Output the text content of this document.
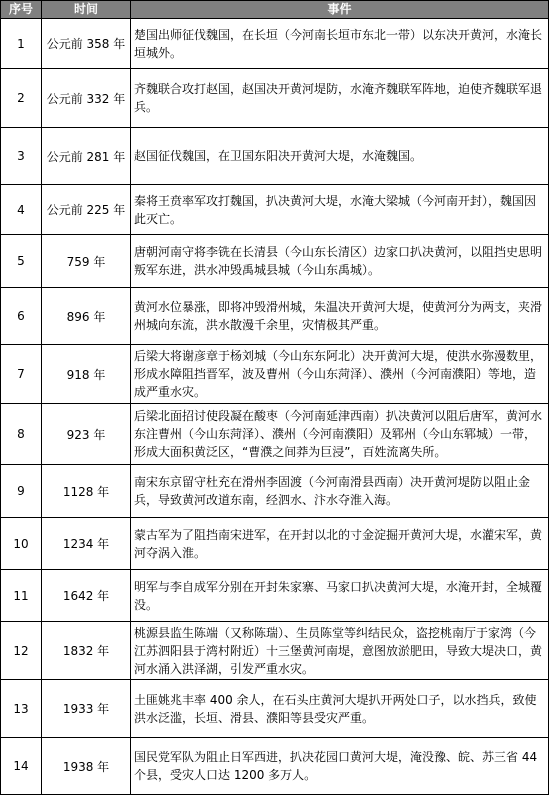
序号	时间	事件
1	公元前 358 年	楚国出师征伐魏国，在长垣（今河南长垣市东北一带）以东决开黄河，水淹长垣城外。
2	公元前 332 年	齐魏联合攻打赵国，赵国决开黄河堤防，水淹齐魏联军阵地，迫使齐魏联军退兵。
3	公元前 281 年	赵国征伐魏国，在卫国东阳决开黄河大堤，水淹魏国。
4	公元前 225 年	秦将王贲率军攻打魏国，扒决黄河大堤，水淹大梁城（今河南开封），魏国因此灭亡。
5	759 年	唐朝河南守将李铣在长清县（今山东长清区）边家口扒决黄河，以阻挡史思明叛军东进，洪水冲毁禹城县城（今山东禹城）。
6	896 年	黄河水位暴涨，即将冲毁滑州城，朱温决开黄河大堤，使黄河分为两支，夹滑州城向东流，洪水散漫千余里，灾情极其严重。
7	918 年	后梁大将谢彦章于杨刘城（今山东东阿北）决开黄河大堤，使洪水弥漫数里，形成水障阻挡晋军，波及曹州（今山东菏泽）、濮州（今河南濮阳）等地，造成严重水灾。
8	923 年	后梁北面招讨使段凝在酸枣（今河南延津西南）扒决黄河以阻后唐军，黄河水东注曹州（今山东菏泽）、濮州（今河南濮阳）及郓州（今山东郓城）一带，形成大面积黄泛区，“曹濮之间莽为巨浸”，百姓流离失所。
9	1128 年	南宋东京留守杜充在滑州李固渡（今河南滑县西南）决开黄河堤防以阻止金兵，导致黄河改道东南，经泗水、汴水夺淮入海。
10	1234 年	蒙古军为了阻挡南宋进军，在开封以北的寸金淀掘开黄河大堤，水灌宋军，黄河夺涡入淮。
11	1642 年	明军与李自成军分别在开封朱家寨、马家口扒决黄河大堤，水淹开封，全城覆没。
12	1832 年	桃源县监生陈端（又称陈瑞）、生员陈堂等纠结民众，盗挖桃南厅于家湾（今江苏泗阳县于湾村附近）十三堡黄河南堤，意图放淤肥田，导致大堤决口，黄河水涌入洪泽湖，引发严重水灾。
13	1933 年	土匪姚兆丰率 400 余人，在石头庄黄河大堤扒开两处口子，以水挡兵，致使洪水泛滥，长垣、滑县、濮阳等县受灾严重。
14	1938 年	国民党军队为阻止日军西进，扒决花园口黄河大堤，淹没豫、皖、苏三省 44 个县，受灾人口达 1200 多万人。
